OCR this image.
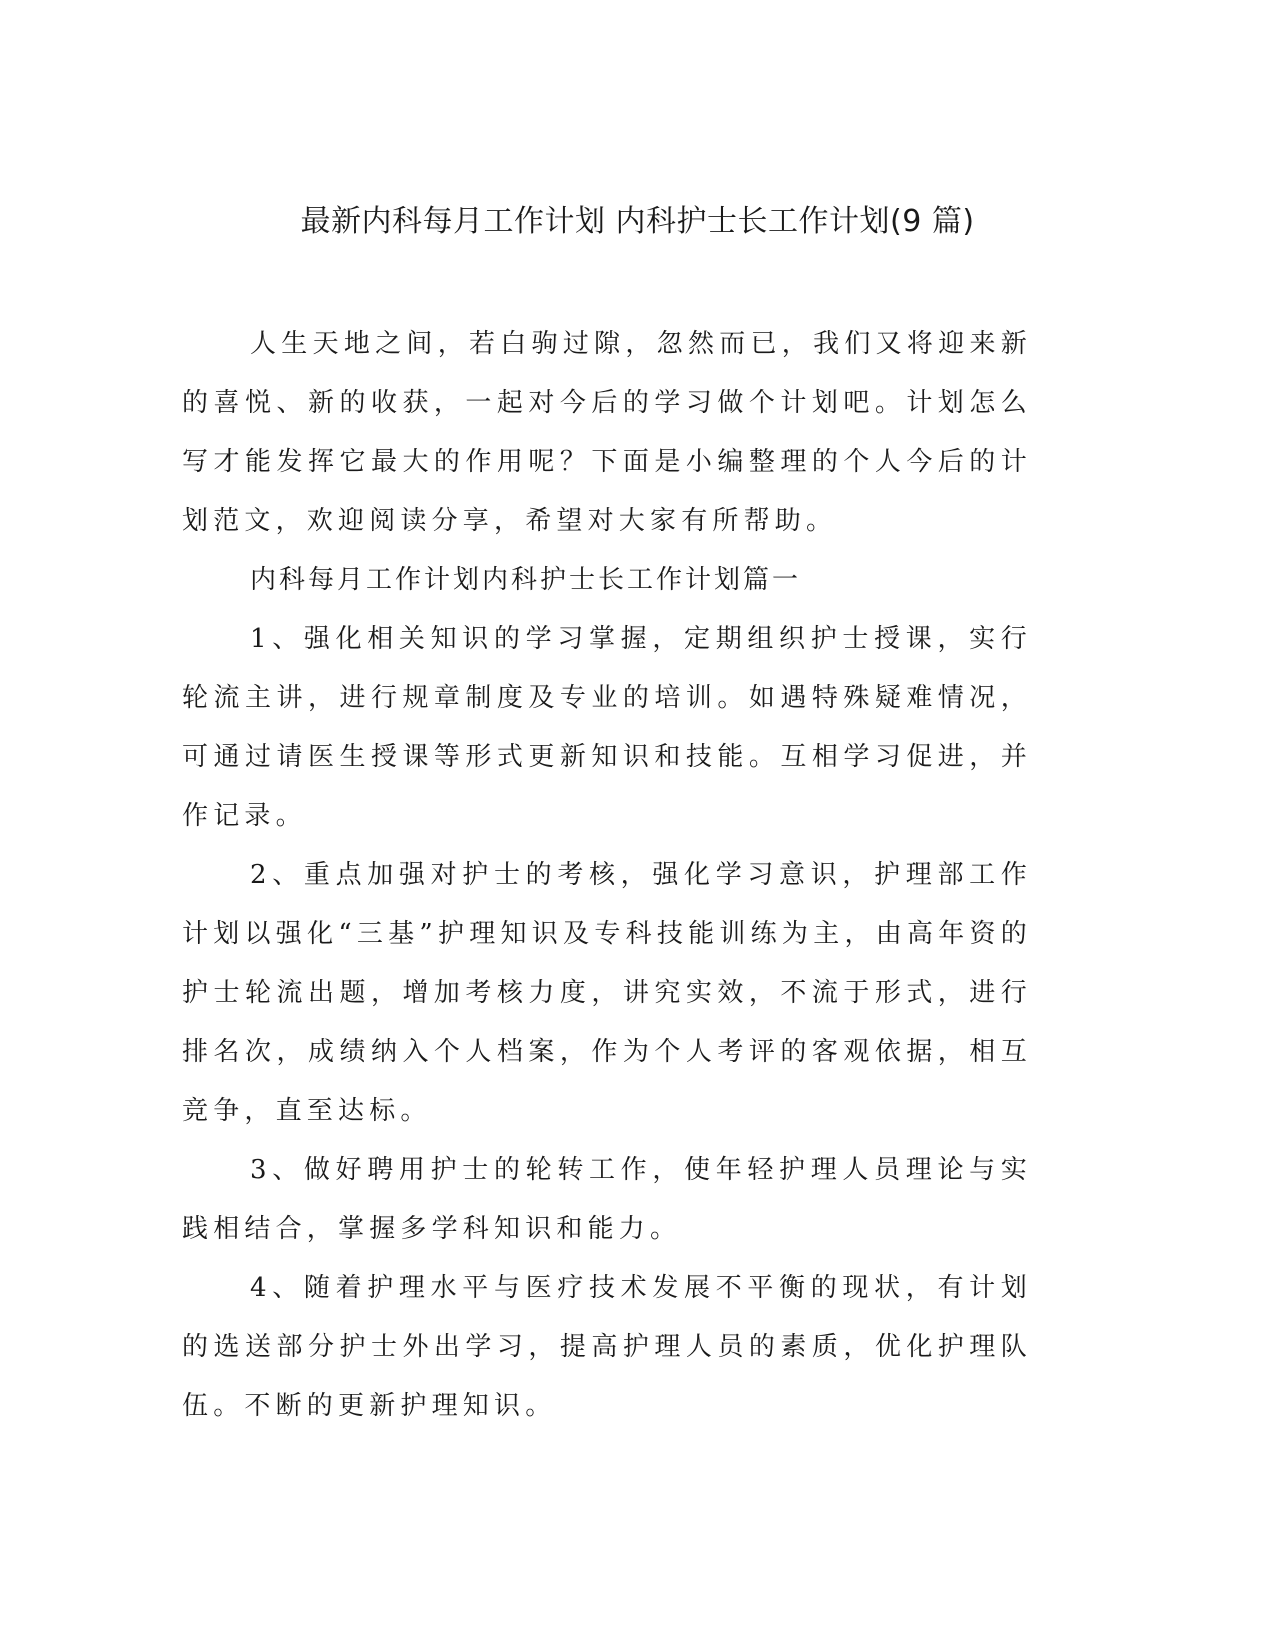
最新内科每月工作计划 内科护士长工作计划(9 篇)

人生天地之间，若白驹过隙，忽然而已，我们又将迎来新的喜悦、新的收获，一起对今后的学习做个计划吧。计划怎么写才能发挥它最大的作用呢？下面是小编整理的个人今后的计划范文，欢迎阅读分享，希望对大家有所帮助。

内科每月工作计划内科护士长工作计划篇一

1、强化相关知识的学习掌握，定期组织护士授课，实行轮流主讲，进行规章制度及专业的培训。如遇特殊疑难情况，可通过请医生授课等形式更新知识和技能。互相学习促进，并作记录。

2、重点加强对护士的考核，强化学习意识，护理部工作计划以强化“三基”护理知识及专科技能训练为主，由高年资的护士轮流出题，增加考核力度，讲究实效，不流于形式，进行排名次，成绩纳入个人档案，作为个人考评的客观依据，相互竞争，直至达标。

3、做好聘用护士的轮转工作，使年轻护理人员理论与实践相结合，掌握多学科知识和能力。

4、随着护理水平与医疗技术发展不平衡的现状，有计划的选送部分护士外出学习，提高护理人员的素质，优化护理队伍。不断的更新护理知识。
